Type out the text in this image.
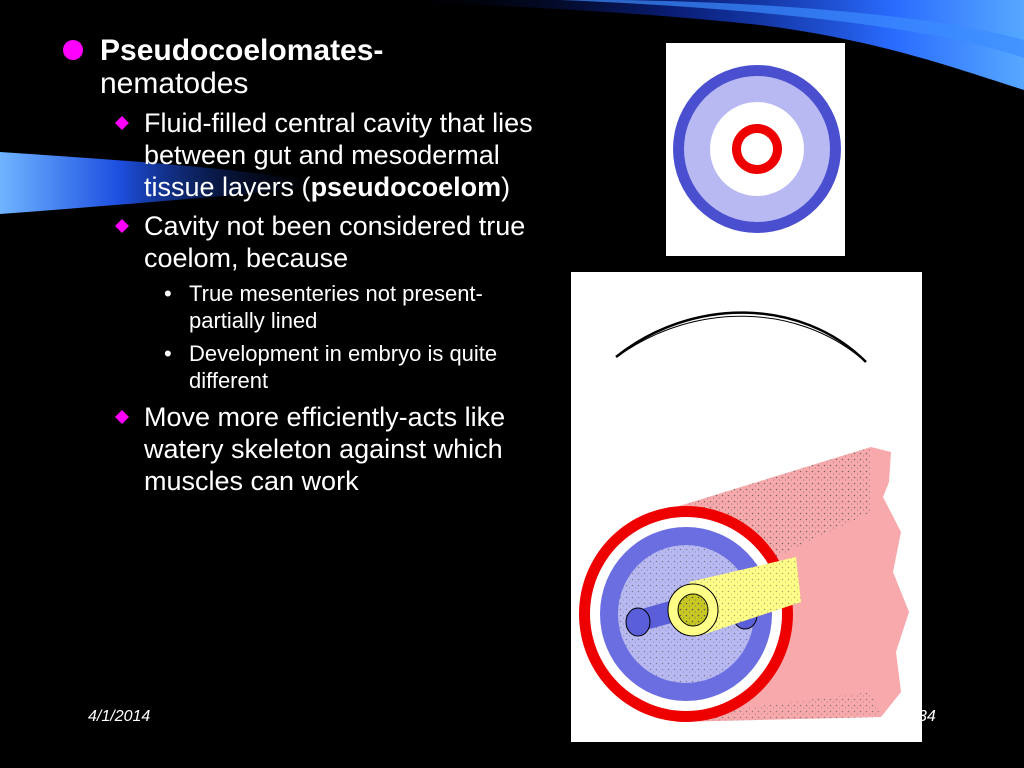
Pseudocoelomates-
nematodes
Fluid-filled central cavity that lies between gut and mesodermal tissue layers (pseudocoelom)
Cavity not been considered true coelom, because
• True mesenteries not present-partially lined
• Development in embryo is quite different
Move more efficiently-acts like watery skeleton against which muscles can work
4/1/2014	34
